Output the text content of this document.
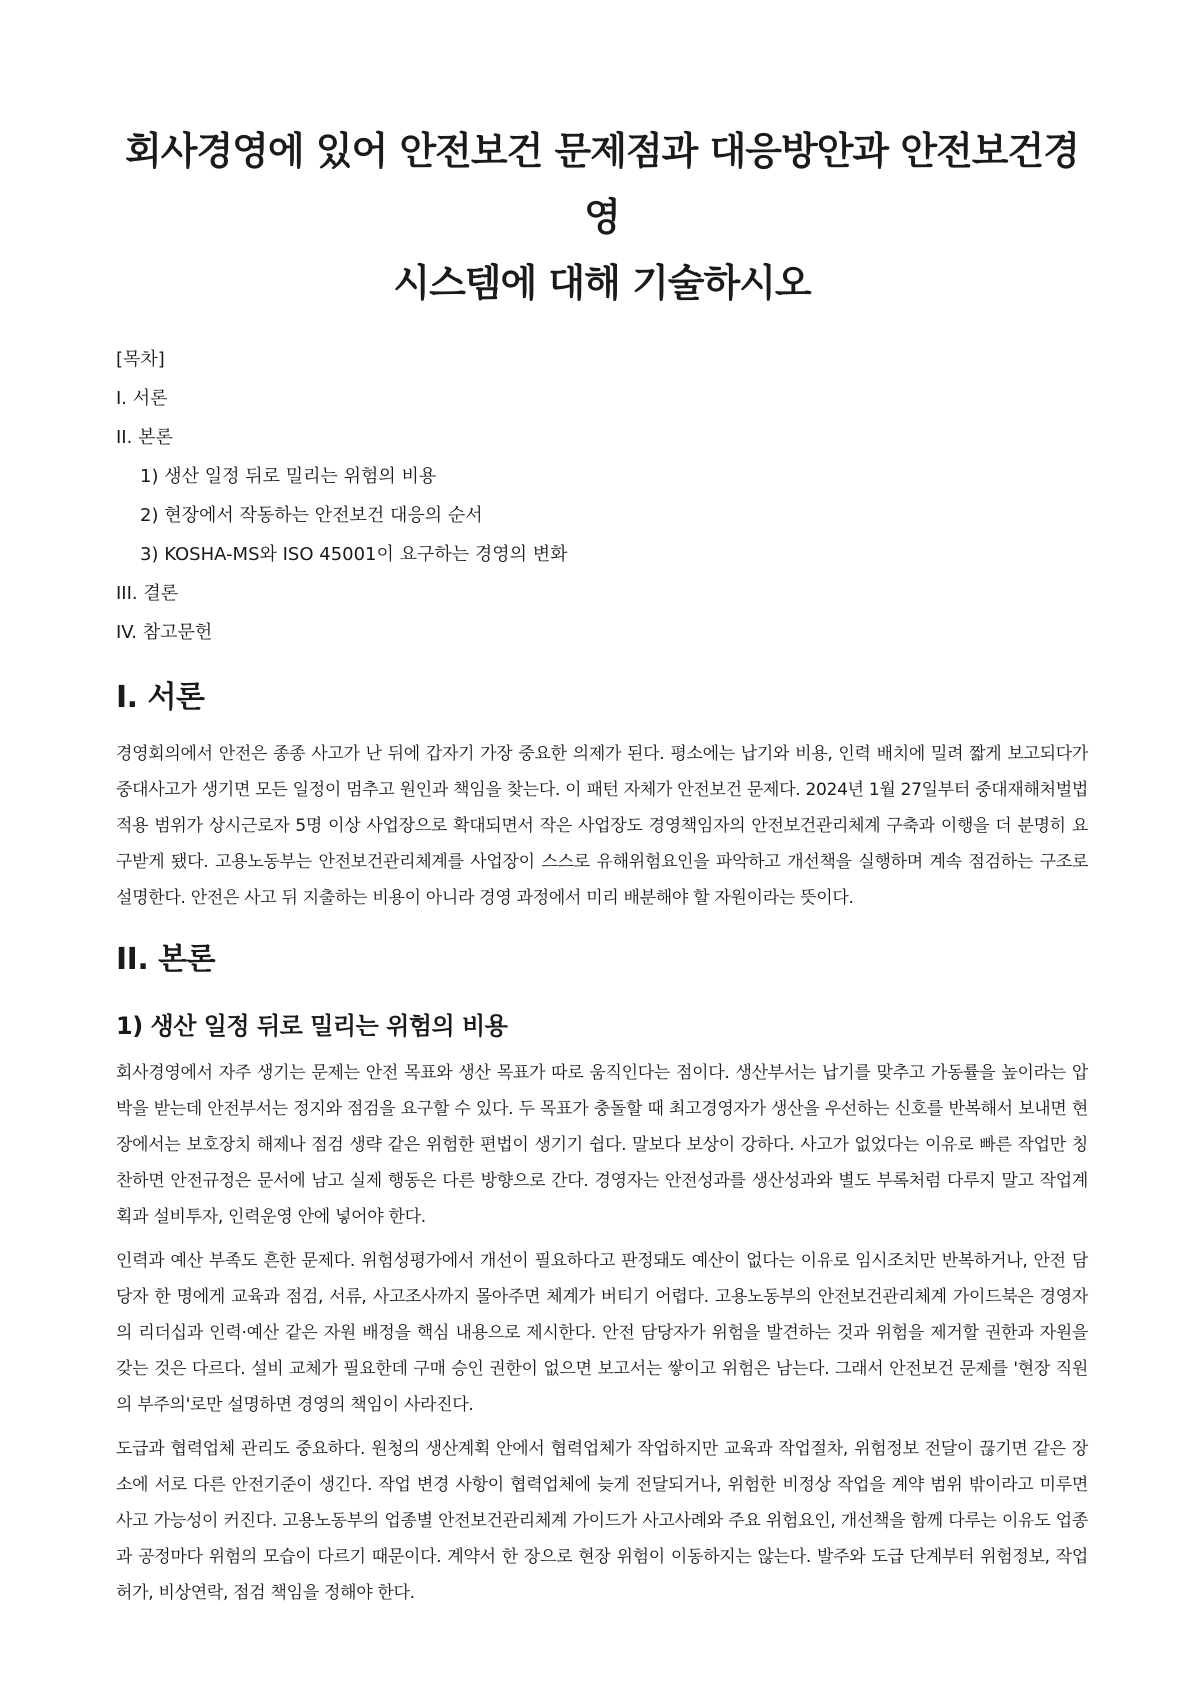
회사경영에 있어 안전보건 문제점과 대응방안과 안전보건경영
시스템에 대해 기술하시오
[목차]
I. 서론
II. 본론
1) 생산 일정 뒤로 밀리는 위험의 비용
2) 현장에서 작동하는 안전보건 대응의 순서
3) KOSHA-MS와 ISO 45001이 요구하는 경영의 변화
III. 결론
IV. 참고문헌
I. 서론

경영회의에서 안전은 종종 사고가 난 뒤에 갑자기 가장 중요한 의제가 된다. 평소에는 납기와 비용, 인력 배치에 밀려 짧게 보고되다가 중대사고가 생기면 모든 일정이 멈추고 원인과 책임을 찾는다. 이 패턴 자체가 안전보건 문제다. 2024년 1월 27일부터 중대재해처벌법 적용 범위가 상시근로자 5명 이상 사업장으로 확대되면서 작은 사업장도 경영책임자의 안전보건관리체계 구축과 이행을 더 분명히 요구받게 됐다. 고용노동부는 안전보건관리체계를 사업장이 스스로 유해위험요인을 파악하고 개선책을 실행하며 계속 점검하는 구조로 설명한다. 안전은 사고 뒤 지출하는 비용이 아니라 경영 과정에서 미리 배분해야 할 자원이라는 뜻이다.

II. 본론
1) 생산 일정 뒤로 밀리는 위험의 비용

회사경영에서 자주 생기는 문제는 안전 목표와 생산 목표가 따로 움직인다는 점이다. 생산부서는 납기를 맞추고 가동률을 높이라는 압박을 받는데 안전부서는 정지와 점검을 요구할 수 있다. 두 목표가 충돌할 때 최고경영자가 생산을 우선하는 신호를 반복해서 보내면 현장에서는 보호장치 해제나 점검 생략 같은 위험한 편법이 생기기 쉽다. 말보다 보상이 강하다. 사고가 없었다는 이유로 빠른 작업만 칭찬하면 안전규정은 문서에 남고 실제 행동은 다른 방향으로 간다. 경영자는 안전성과를 생산성과와 별도 부록처럼 다루지 말고 작업계획과 설비투자, 인력운영 안에 넣어야 한다.

인력과 예산 부족도 흔한 문제다. 위험성평가에서 개선이 필요하다고 판정돼도 예산이 없다는 이유로 임시조치만 반복하거나, 안전 담당자 한 명에게 교육과 점검, 서류, 사고조사까지 몰아주면 체계가 버티기 어렵다. 고용노동부의 안전보건관리체계 가이드북은 경영자의 리더십과 인력·예산 같은 자원 배정을 핵심 내용으로 제시한다. 안전 담당자가 위험을 발견하는 것과 위험을 제거할 권한과 자원을 갖는 것은 다르다. 설비 교체가 필요한데 구매 승인 권한이 없으면 보고서는 쌓이고 위험은 남는다. 그래서 안전보건 문제를 '현장 직원의 부주의'로만 설명하면 경영의 책임이 사라진다.

도급과 협력업체 관리도 중요하다. 원청의 생산계획 안에서 협력업체가 작업하지만 교육과 작업절차, 위험정보 전달이 끊기면 같은 장소에 서로 다른 안전기준이 생긴다. 작업 변경 사항이 협력업체에 늦게 전달되거나, 위험한 비정상 작업을 계약 범위 밖이라고 미루면 사고 가능성이 커진다. 고용노동부의 업종별 안전보건관리체계 가이드가 사고사례와 주요 위험요인, 개선책을 함께 다루는 이유도 업종과 공정마다 위험의 모습이 다르기 때문이다. 계약서 한 장으로 현장 위험이 이동하지는 않는다. 발주와 도급 단계부터 위험정보, 작업허가, 비상연락, 점검 책임을 정해야 한다.
